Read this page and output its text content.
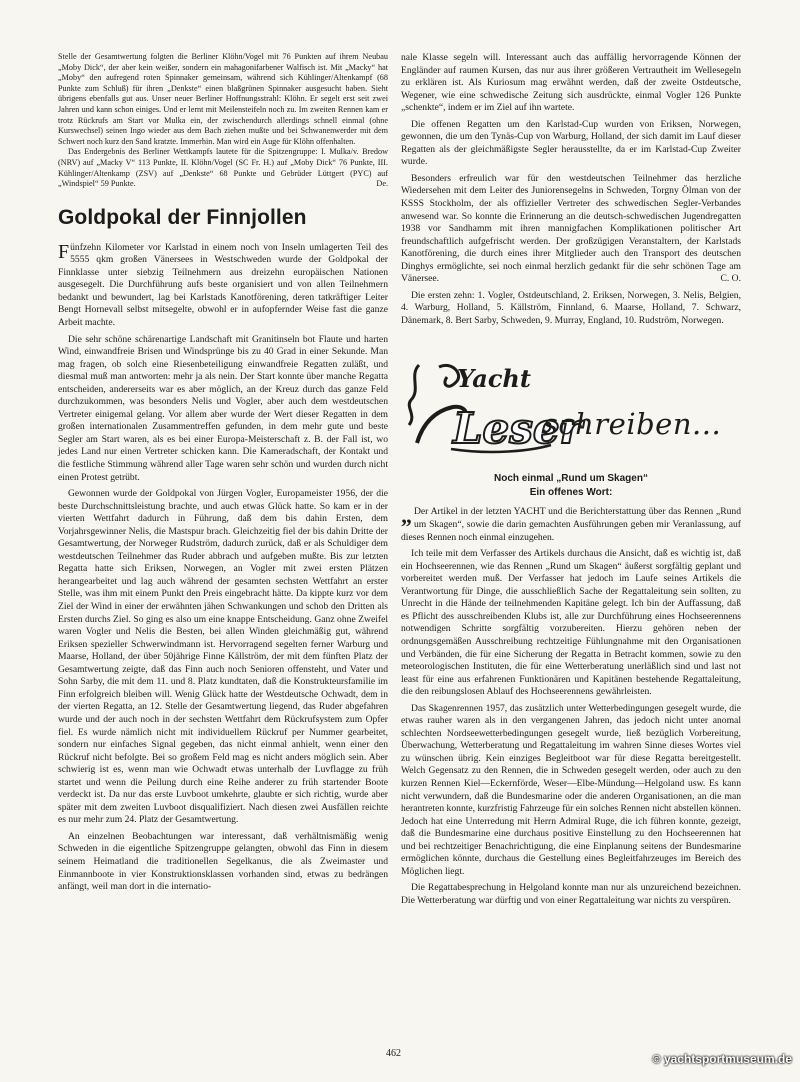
Stelle der Gesamtwertung folgten die Berliner Klöhn/Vogel mit 76 Punkten auf ihrem Neubau „Moby Dick“, der aber kein weißer, sondern ein mahagonifarbener Walfisch ist. Mit „Macky“ hat „Moby“ den aufregend roten Spinnaker gemeinsam, während sich Kühlinger/Altenkampf (68 Punkte zum Schluß) für ihren „Denkste“ einen blaßgrünen Spinnaker ausgesucht haben. Sieht übrigens ebenfalls gut aus. Unser neuer Berliner Hoffnungsstrahl: Klöhn. Er segelt erst seit zwei Jahren und kann schon einiges. Und er lernt mit Meilensteifeln noch zu. Im zweiten Rennen kam er trotz Rückrufs am Start vor Mulka ein, der zwischendurch allerdings schnell einmal (ohne Kurswechsel) seinen Ingo wieder aus dem Bach ziehen mußte und bei Schwanenwerder mit dem Schwert noch kurz den Sand kratzte. Immerhin. Man wird ein Auge für Klöhn offenhalten.

Das Endergebnis des Berliner Wettkampfs lautete für die Spitzengruppe: I. Mulka/v. Bredow (NRV) auf „Macky V“ 113 Punkte, II. Klöhn/Vogel (SC Fr. H.) auf „Moby Dick“ 76 Punkte, III. Kühlinger/Altenkamp (ZSV) auf „Denkste“ 68 Punkte und Gebrüder Lüttgert (PYC) auf „Windspiel“ 59 Punkte.	De.

Goldpokal der Finnjollen

Fünfzehn Kilometer vor Karlstad in einem noch von Inseln umlagerten Teil des 5555 qkm großen Vänersees in Westschweden wurde der Goldpokal der Finnklasse unter siebzig Teilnehmern aus dreizehn europäischen Nationen ausgesegelt. Die Durchführung aufs beste organisiert und von allen Teilnehmern bedankt und bewundert, lag bei Karlstads Kanotförening, deren tatkräftiger Leiter Bengt Hornevall selbst mitsegelte, obwohl er in aufopfernder Weise fast die ganze Arbeit machte.

Die sehr schöne schärenartige Landschaft mit Granitinseln bot Flaute und harten Wind, einwandfreie Brisen und Windsprünge bis zu 40 Grad in einer Sekunde. Man mag fragen, ob solch eine Riesenbeteiligung einwandfreie Regatten zuläßt, und diesmal muß man antworten: mehr ja als nein. Der Start konnte über manche Regatta entscheiden, andererseits war es aber möglich, an der Kreuz durch das ganze Feld durchzukommen, was besonders Nelis und Vogler, aber auch dem westdeutschen Vertreter einigemal gelang. Vor allem aber wurde der Wert dieser Regatten in dem großen internationalen Zusammentreffen gefunden, in dem mehr gute und beste Segler am Start waren, als es bei einer Europa-Meisterschaft z. B. der Fall ist, wo jedes Land nur einen Vertreter schicken kann. Die Kameradschaft, der Kontakt und die festliche Stimmung während aller Tage waren sehr schön und wurden durch nicht einen Protest getrübt.

Gewonnen wurde der Goldpokal von Jürgen Vogler, Europameister 1956, der die beste Durchschnittsleistung brachte, und auch etwas Glück hatte. So kam er in der vierten Wettfahrt dadurch in Führung, daß dem bis dahin Ersten, dem Vorjahrsgewinner Nelis, die Mastspur brach. Gleichzeitig fiel der bis dahin Dritte der Gesamtwertung, der Norweger Rudström, dadurch zurück, daß er als Schuldiger dem westdeutschen Teilnehmer das Ruder abbrach und aufgeben mußte. Bis zur letzten Regatta hatte sich Eriksen, Norwegen, an Vogler mit zwei ersten Plätzen herangearbeitet und lag auch während der gesamten sechsten Wettfahrt an erster Stelle, was ihm mit einem Punkt den Preis eingebracht hätte. Da kippte kurz vor dem Ziel der Wind in einer der erwähnten jähen Schwankungen und schob den Dritten als Ersten durchs Ziel. So ging es also um eine knappe Entscheidung. Ganz ohne Zweifel waren Vogler und Nelis die Besten, bei allen Winden gleichmäßig gut, während Eriksen spezieller Schwerwindmann ist. Hervorragend segelten ferner Warburg und Maarse, Holland, der über 50jährige Finne Källström, der mit dem fünften Platz der Gesamtwertung zeigte, daß das Finn auch noch Senioren offensteht, und Vater und Sohn Sarby, die mit dem 11. und 8. Platz kundtaten, daß die Konstrukteursfamilie im Finn erfolgreich bleiben will. Wenig Glück hatte der Westdeutsche Ochwadt, dem in der vierten Regatta, an 12. Stelle der Gesamtwertung liegend, das Ruder abgefahren wurde und der auch noch in der sechsten Wettfahrt dem Rückrufsystem zum Opfer fiel. Es wurde nämlich nicht mit individuellem Rückruf per Nummer gearbeitet, sondern nur einfaches Signal gegeben, das nicht einmal anhielt, wenn einer den Rückruf nicht befolgte. Bei so großem Feld mag es nicht anders möglich sein. Aber schwierig ist es, wenn man wie Ochwadt etwas unterhalb der Luvflagge zu früh startet und wenn die Peilung durch eine Reihe anderer zu früh startender Boote verdeckt ist. Da nur das erste Luvboot umkehrte, glaubte er sich richtig, wurde aber später mit dem zweiten Luvboot disqualifiziert. Nach diesen zwei Ausfällen reichte es nur mehr zum 24. Platz der Gesamtwertung.

An einzelnen Beobachtungen war interessant, daß verhältnismäßig wenig Schweden in die eigentliche Spitzengruppe gelangten, obwohl das Finn in diesem seinem Heimatland die traditionellen Segelkanus, die als Zweimaster und Einmannboote in vier Konstruktionsklassen vorhanden sind, etwas zu bedrängen anfängt, weil man dort in die internatio-

nale Klasse segeln will. Interessant auch das auffällig hervorragende Können der Engländer auf raumen Kursen, das nur aus ihrer größeren Vertrautheit im Wellesegeln zu erklären ist. Als Kuriosum mag erwähnt werden, daß der zweite Ostdeutsche, Wegener, wie eine schwedische Zeitung sich ausdrückte, einmal Vogler 126 Punkte „schenkte“, indem er im Ziel auf ihn wartete.

Die offenen Regatten um den Karlstad-Cup wurden von Eriksen, Norwegen, gewonnen, die um den Tynäs-Cup von Warburg, Holland, der sich damit im Lauf dieser Regatten als der gleichmäßigste Segler herausstellte, da er im Karlstad-Cup Zweiter wurde.

Besonders erfreulich war für den westdeutschen Teilnehmer das herzliche Wiedersehen mit dem Leiter des Juniorensegelns in Schweden, Torgny Ölman von der KSSS Stockholm, der als offizieller Vertreter des schwedischen Segler-Verbandes anwesend war. So konnte die Erinnerung an die deutsch-schwedischen Jugendregatten 1938 vor Sandhamm mit ihren mannigfachen Komplikationen politischer Art freundschaftlich aufgefrischt werden. Der großzügigen Veranstaltern, der Karlstads Kanotförening, die durch eines ihrer Mitglieder auch den Transport des deutschen Dinghys ermöglichte, sei noch einmal herzlich gedankt für die sehr schönen Tage am Vänersee.	C. O.

Die ersten zehn: 1. Vogler, Ostdeutschland, 2. Eriksen, Norwegen, 3. Nelis, Belgien, 4. Warburg, Holland, 5. Källström, Finnland, 6. Maarse, Holland, 7. Schwarz, Dänemark, 8. Bert Sarby, Schweden, 9. Murray, England, 10. Rudström, Norwegen.

Yacht
Leser
schreiben...
Noch einmal „Rund um Skagen“
Ein offenes Wort:

„ Der Artikel in der letzten YACHT und die Berichterstattung über das Rennen „Rund um Skagen“, sowie die darin gemachten Ausführungen geben mir Veranlassung, auf dieses Rennen noch einmal einzugehen.

Ich teile mit dem Verfasser des Artikels durchaus die Ansicht, daß es wichtig ist, daß ein Hochseerennen, wie das Rennen „Rund um Skagen“ äußerst sorgfältig geplant und vorbereitet werden muß. Der Verfasser hat jedoch im Laufe seines Artikels die Verantwortung für Dinge, die ausschließlich Sache der Regattaleitung sein sollten, zu Unrecht in die Hände der teilnehmenden Kapitäne gelegt. Ich bin der Auffassung, daß es Pflicht des ausschreibenden Klubs ist, alle zur Durchführung eines Hochseerennens notwendigen Schritte sorgfältig vorzubereiten. Hierzu gehören neben der ordnungsgemäßen Ausschreibung rechtzeitige Fühlungnahme mit den Organisationen und Verbänden, die für eine Sicherung der Regatta in Betracht kommen, sowie zu den meteorologischen Instituten, die für eine Wetterberatung unerläßlich sind und last not least für eine aus erfahrenen Funktionären und Kapitänen bestehende Regattaleitung, die den reibungslosen Ablauf des Hochseerennens gewährleisten.

Das Skagenrennen 1957, das zusätzlich unter Wetterbedingungen gesegelt wurde, die etwas rauher waren als in den vergangenen Jahren, das jedoch nicht unter anomal schlechten Nordseewetterbedingungen gesegelt wurde, ließ bezüglich Vorbereitung, Überwachung, Wetterberatung und Regattaleitung im wahren Sinne dieses Wortes viel zu wünschen übrig. Kein einziges Begleitboot war für diese Regatta bereitgestellt. Welch Gegensatz zu den Rennen, die in Schweden gesegelt werden, oder auch zu den kurzen Rennen Kiel—Eckernförde, Weser—Elbe-Mündung—Helgoland usw. Es kann nicht verwundern, daß die Bundesmarine oder die anderen Organisationen, an die man herantreten konnte, kurzfristig Fahrzeuge für ein solches Rennen nicht abstellen können. Jedoch hat eine Unterredung mit Herrn Admiral Ruge, die ich führen konnte, gezeigt, daß die Bundesmarine eine durchaus positive Einstellung zu den Hochseerennen hat und bei rechtzeitiger Benachrichtigung, die eine Einplanung seitens der Bundesmarine ermöglichen könnte, durchaus die Gestellung eines Begleitfahrzeuges im Bereich des Möglichen liegt.

Die Regattabesprechung in Helgoland konnte man nur als unzureichend bezeichnen. Die Wetterberatung war dürftig und von einer Regattaleitung war nichts zu verspüren.

462
© yachtsportmuseum.de
